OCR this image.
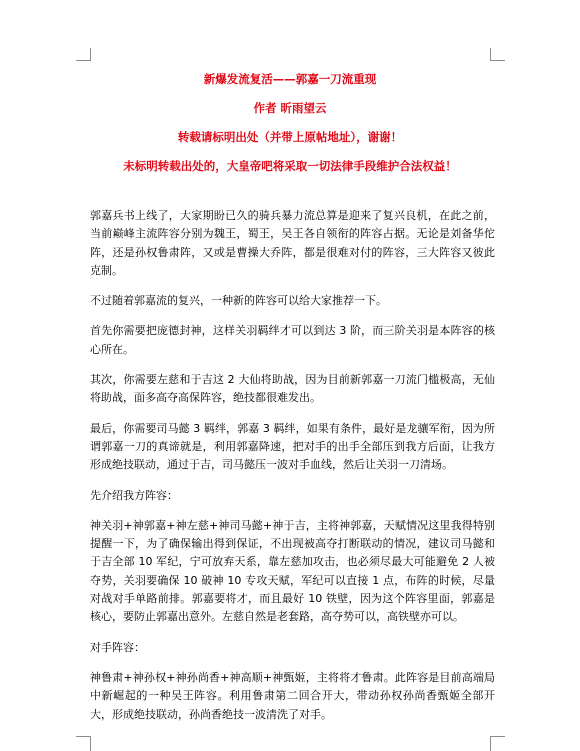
新爆发流复活——郭嘉一刀流重现
作者 昕雨望云
转载请标明出处（并带上原帖地址），谢谢！
未标明转载出处的，大皇帝吧将采取一切法律手段维护合法权益！

郭嘉兵书上线了，大家期盼已久的骑兵暴力流总算是迎来了复兴良机，在此之前，当前巅峰主流阵容分别为魏王，蜀王，吴王各自领衔的阵容占据。无论是刘备华佗阵，还是孙权鲁肃阵，又或是曹操大乔阵，都是很难对付的阵容，三大阵容又彼此克制。

不过随着郭嘉流的复兴，一种新的阵容可以给大家推荐一下。

首先你需要把庞德封神，这样关羽羁绊才可以到达 3 阶，而三阶关羽是本阵容的核心所在。

其次，你需要左慈和于吉这 2 大仙将助战，因为目前新郭嘉一刀流门槛极高，无仙将助战，面多高夺高保阵容，绝技都很难发出。

最后，你需要司马懿 3 羁绊，郭嘉 3 羁绊，如果有条件，最好是龙骧军衔，因为所谓郭嘉一刀的真谛就是，利用郭嘉降速，把对手的出手全部压到我方后面，让我方形成绝技联动，通过于吉，司马懿压一波对手血线，然后让关羽一刀清场。

先介绍我方阵容：

神关羽+神郭嘉+神左慈+神司马懿+神于吉，主将神郭嘉，天赋情况这里我得特别提醒一下，为了确保输出得到保证，不出现被高夺打断联动的情况，建议司马懿和于吉全部 10 军纪，宁可放弃天系，靠左慈加攻击，也必须尽最大可能避免 2 人被夺势，关羽要确保 10 破神 10 专攻天赋，军纪可以直接 1 点，布阵的时候，尽量对战对手单路前排。郭嘉要将才，而且最好 10 铁壁，因为这个阵容里面，郭嘉是核心，要防止郭嘉出意外。左慈自然是老套路，高夺势可以，高铁壁亦可以。

对手阵容：

神鲁肃+神孙权+神孙尚香+神高顺+神甄姬，主将将才鲁肃。此阵容是目前高端局中新崛起的一种吴王阵容。利用鲁肃第二回合开大，带动孙权孙尚香甄姬全部开大，形成绝技联动，孙尚香绝技一波清洗了对手。
